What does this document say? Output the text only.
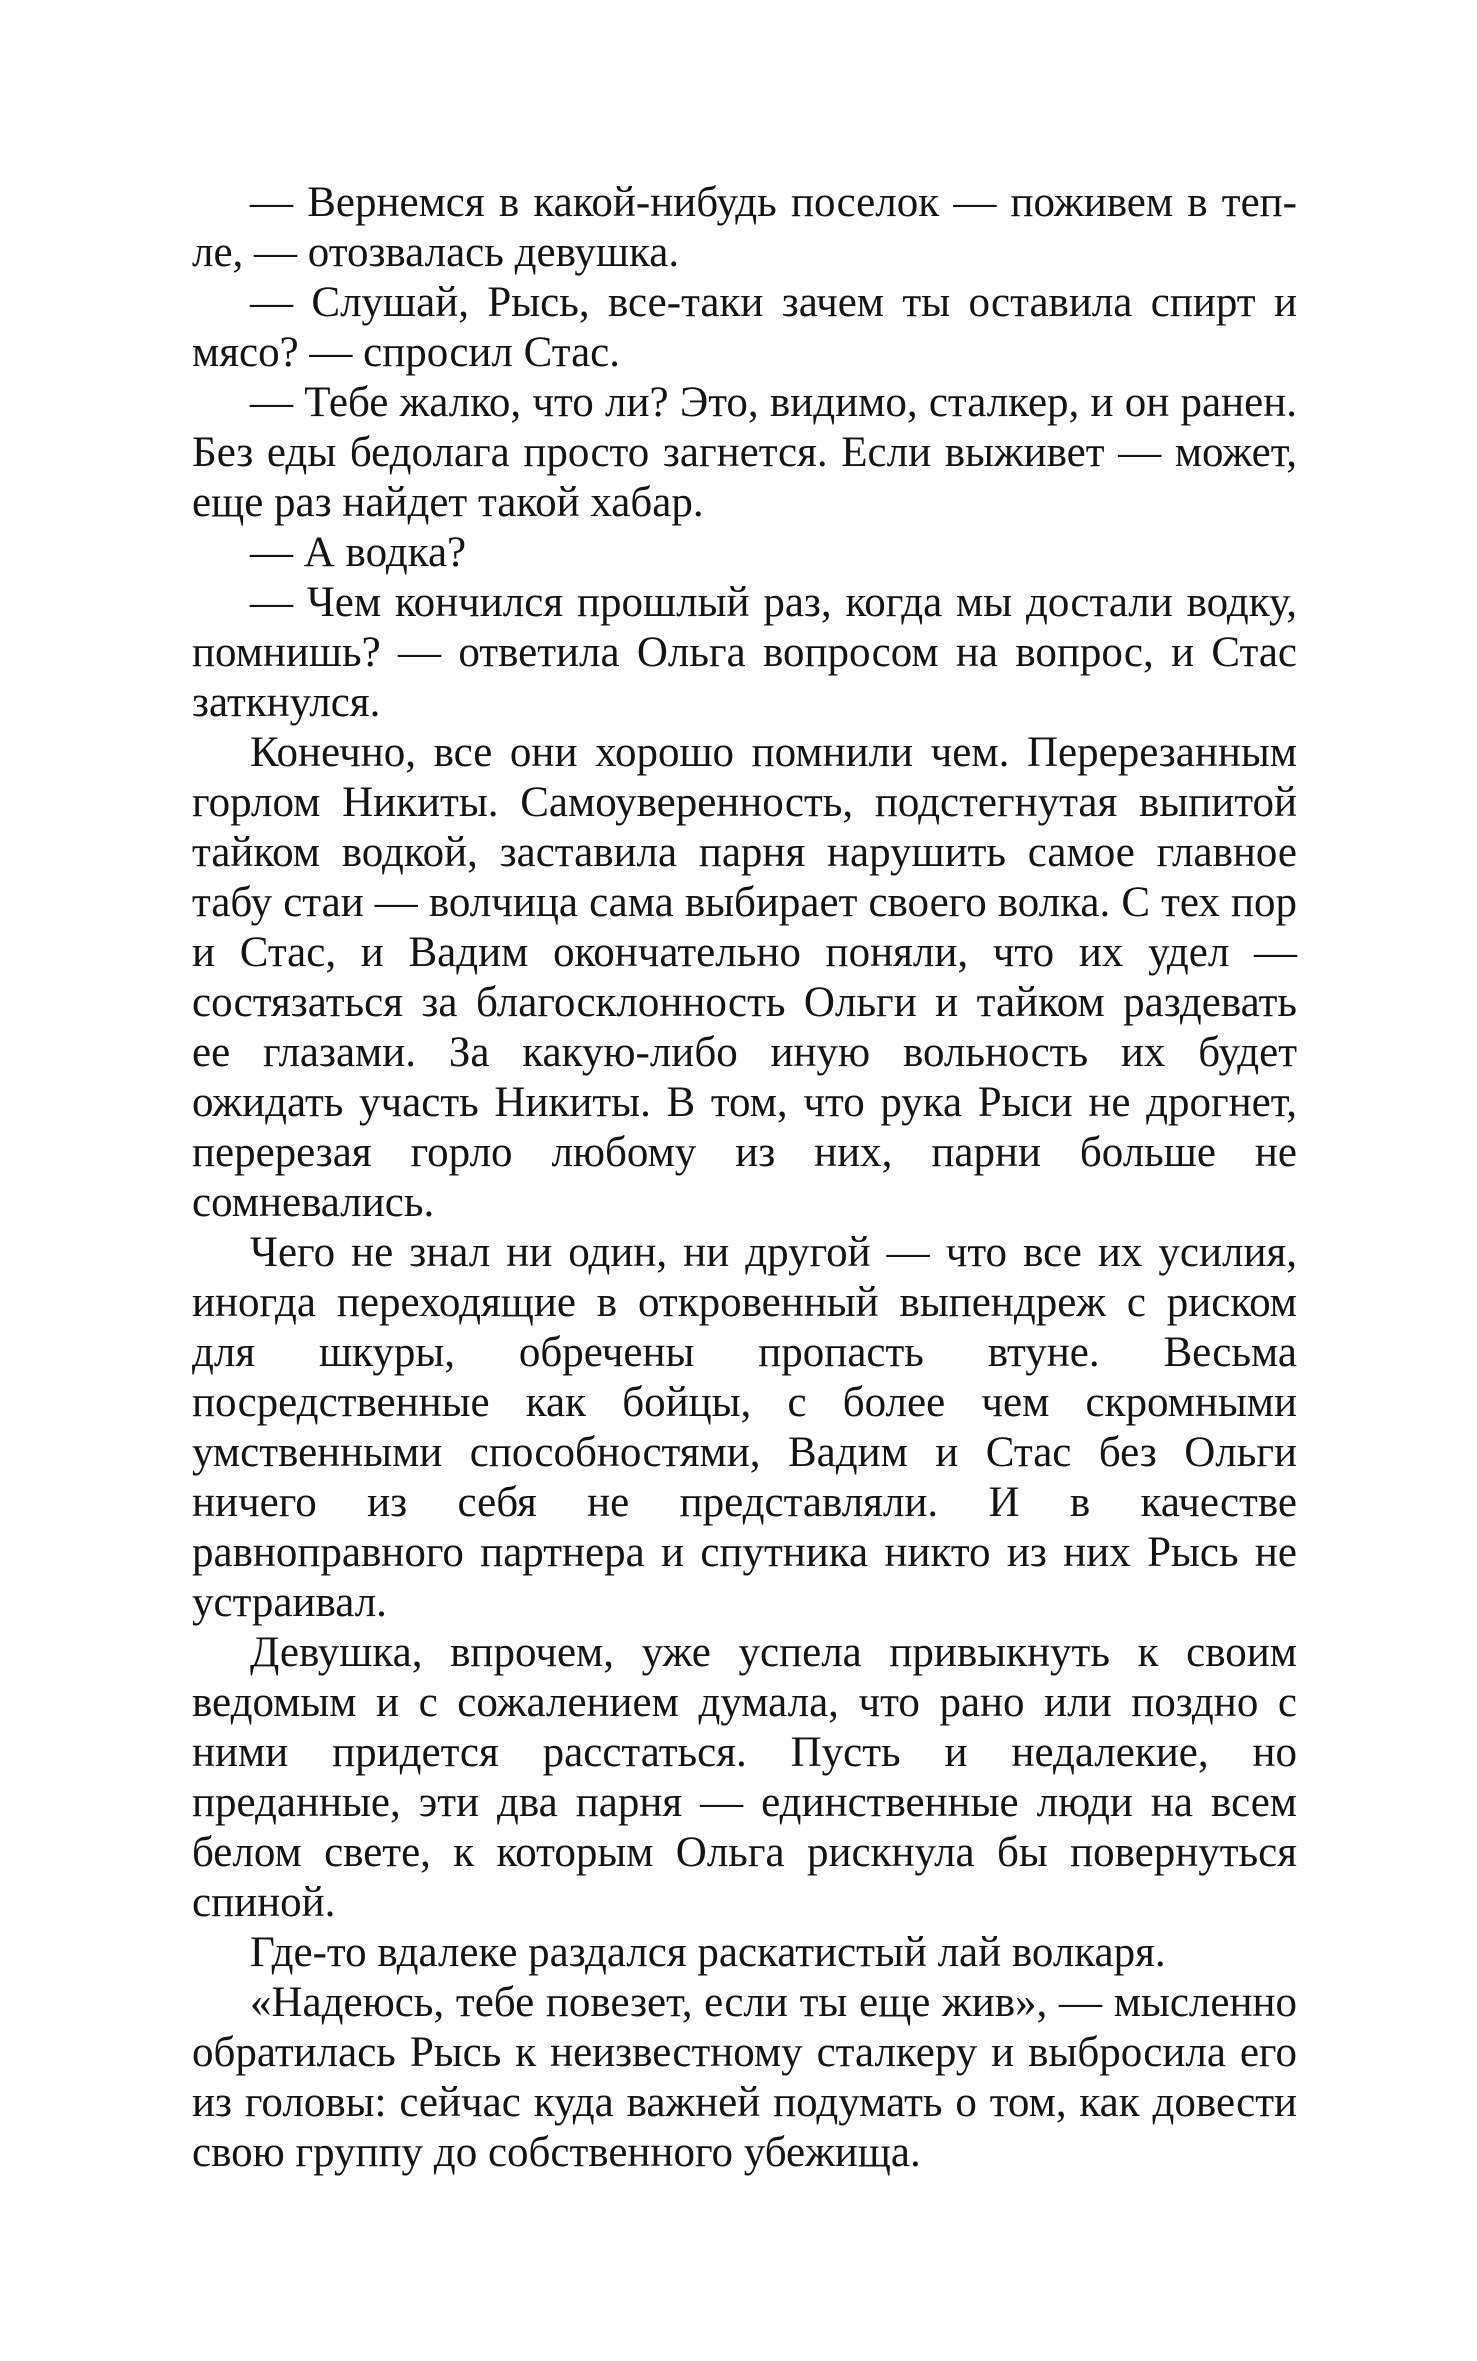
— Вернемся в какой-нибудь поселок — поживем в тепле, — отозвалась девушка.

— Слушай, Рысь, все-таки зачем ты оставила спирт и мясо? — спросил Стас.

— Тебе жалко, что ли? Это, видимо, сталкер, и он ранен. Без еды бедолага просто загнется. Если выживет — может, еще раз найдет такой хабар.

— А водка?

— Чем кончился прошлый раз, когда мы достали водку, помнишь? — ответила Ольга вопросом на вопрос, и Стас заткнулся.

Конечно, все они хорошо помнили чем. Перерезанным горлом Никиты. Самоуверенность, подстегнутая выпитой тайком водкой, заставила парня нарушить самое главное табу стаи — волчица сама выбирает своего волка. С тех пор и Стас, и Вадим окончательно поняли, что их удел — состязаться за благосклонность Ольги и тайком раздевать ее глазами. За какую-либо иную вольность их будет ожидать участь Никиты. В том, что рука Рыси не дрогнет, перерезая горло любому из них, парни больше не сомневались.

Чего не знал ни один, ни другой — что все их усилия, иногда переходящие в откровенный выпендреж с риском для шкуры, обречены пропасть втуне. Весьма посредственные как бойцы, с более чем скромными умственными способностями, Вадим и Стас без Ольги ничего из себя не представляли. И в качестве равноправного партнера и спутника никто из них Рысь не устраивал.

Девушка, впрочем, уже успела привыкнуть к своим ведомым и с сожалением думала, что рано или поздно с ними придется расстаться. Пусть и недалекие, но преданные, эти два парня — единственные люди на всем белом свете, к которым Ольга рискнула бы повернуться спиной.

Где-то вдалеке раздался раскатистый лай волкаря.

«Надеюсь, тебе повезет, если ты еще жив», — мысленно обратилась Рысь к неизвестному сталкеру и выбросила его из головы: сейчас куда важней подумать о том, как довести свою группу до собственного убежища.
